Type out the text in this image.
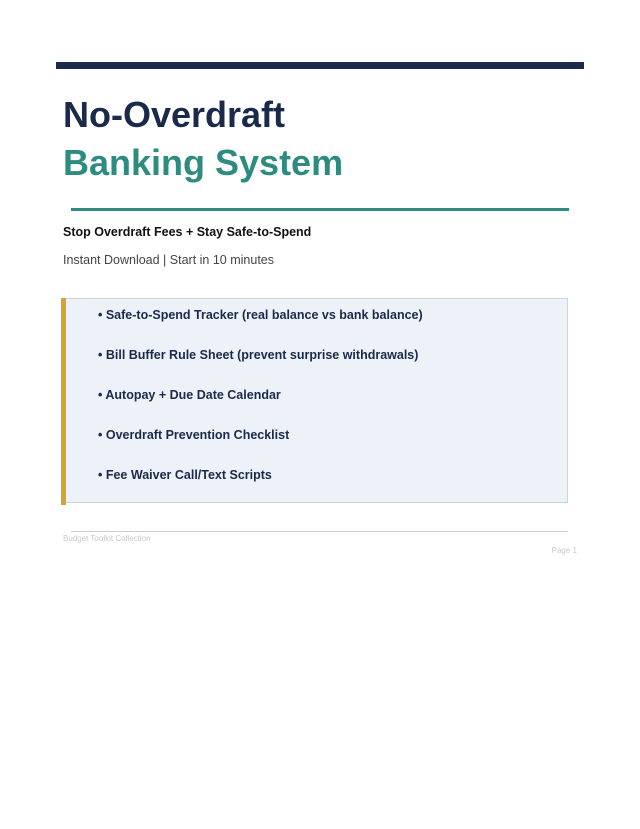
No-Overdraft
Banking System
Stop Overdraft Fees + Stay Safe-to-Spend
Instant Download | Start in 10 minutes
• Safe-to-Spend Tracker (real balance vs bank balance)
• Bill Buffer Rule Sheet (prevent surprise withdrawals)
• Autopay + Due Date Calendar
• Overdraft Prevention Checklist
• Fee Waiver Call/Text Scripts
Budget Toolkit Collection
Page 1
